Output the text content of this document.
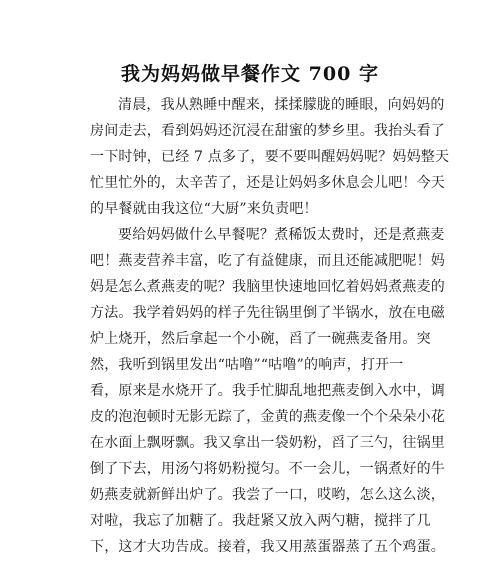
我为妈妈做早餐作文 700 字
清晨，我从熟睡中醒来，揉揉朦胧的睡眼，向妈妈的
房间走去，看到妈妈还沉浸在甜蜜的梦乡里。我抬头看了
一下时钟，已经 7 点多了，要不要叫醒妈妈呢？妈妈整天
忙里忙外的，太辛苦了，还是让妈妈多休息会儿吧！今天
的早餐就由我这位“大厨”来负责吧！
要给妈妈做什么早餐呢？煮稀饭太费时，还是煮燕麦
吧！燕麦营养丰富，吃了有益健康，而且还能减肥呢！妈
妈是怎么煮燕麦的呢？我脑里快速地回忆着妈妈煮燕麦的
方法。我学着妈妈的样子先往锅里倒了半锅水，放在电磁
炉上烧开，然后拿起一个小碗，舀了一碗燕麦备用。突
然，我听到锅里发出“咕噜”“咕噜”的响声，打开一
看，原来是水烧开了。我手忙脚乱地把燕麦倒入水中，调
皮的泡泡顿时无影无踪了，金黄的燕麦像一个个朵朵小花
在水面上飘呀飘。我又拿出一袋奶粉，舀了三勺，往锅里
倒了下去，用汤勺将奶粉搅匀。不一会儿，一锅煮好的牛
奶燕麦就新鲜出炉了。我尝了一口，哎哟，怎么这么淡，
对啦，我忘了加糖了。我赶紧又放入两勺糖，搅拌了几
下，这才大功告成。接着，我又用蒸蛋器蒸了五个鸡蛋。
